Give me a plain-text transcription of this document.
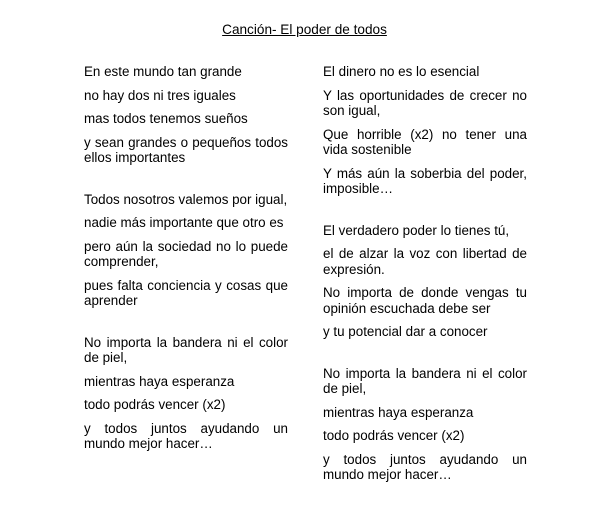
Canción- El poder de todos

En este mundo tan grande

no hay dos ni tres iguales

mas todos tenemos sueños

y sean grandes o pequeños todos ellos importantes

Todos nosotros valemos por igual,

nadie más importante que otro es

pero aún la sociedad no lo puede comprender,

pues falta conciencia y cosas que aprender

No importa la bandera ni el color de piel,

mientras haya esperanza

todo podrás vencer (x2)

y todos juntos ayudando un mundo mejor hacer…

El dinero no es lo esencial

Y las oportunidades de crecer no son igual,

Que horrible (x2) no tener una vida sostenible

Y más aún la soberbia del poder, imposible…

El verdadero poder lo tienes tú,

el de alzar la voz con libertad de expresión.

No importa de donde vengas tu opinión escuchada debe ser

y tu potencial dar a conocer

No importa la bandera ni el color de piel,

mientras haya esperanza

todo podrás vencer (x2)

y todos juntos ayudando un mundo mejor hacer…
